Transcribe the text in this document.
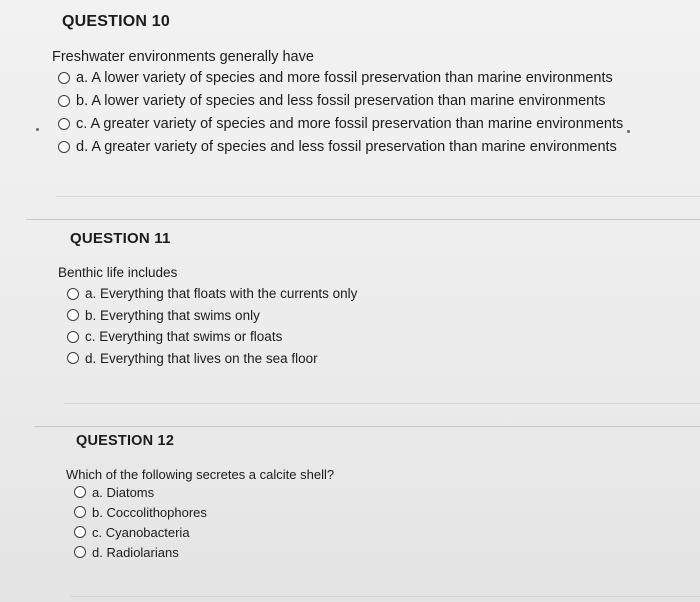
QUESTION 10
Freshwater environments generally have
a. A lower variety of species and more fossil preservation than marine environments
b. A lower variety of species and less fossil preservation than marine environments
c. A greater variety of species and more fossil preservation than marine environments
d. A greater variety of species and less fossil preservation than marine environments
QUESTION 11
Benthic life includes
a. Everything that floats with the currents only
b. Everything that swims only
c. Everything that swims or floats
d. Everything that lives on the sea floor
QUESTION 12
Which of the following secretes a calcite shell?
a. Diatoms
b. Coccolithophores
c. Cyanobacteria
d. Radiolarians
